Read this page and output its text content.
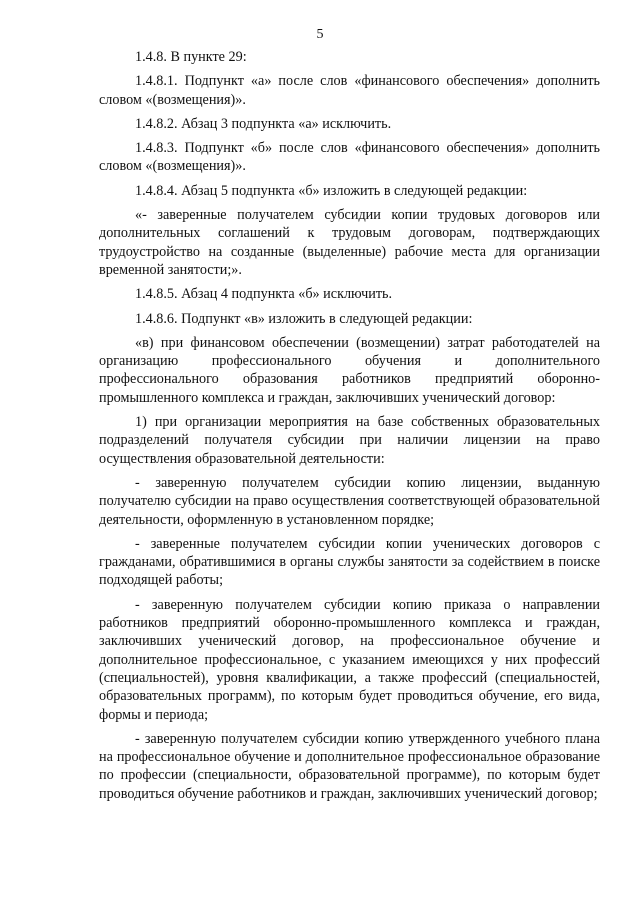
5

1.4.8. В пункте 29:

1.4.8.1. Подпункт «а» после слов «финансового обеспечения» дополнить словом «(возмещения)».

1.4.8.2. Абзац 3 подпункта «а» исключить.

1.4.8.3. Подпункт «б» после слов «финансового обеспечения» дополнить словом «(возмещения)».

1.4.8.4. Абзац 5 подпункта «б» изложить в следующей редакции:

«- заверенные получателем субсидии копии трудовых договоров или дополнительных соглашений к трудовым договорам, подтверждающих трудоустройство на созданные (выделенные) рабочие места для организации временной занятости;».

1.4.8.5. Абзац 4 подпункта «б» исключить.

1.4.8.6. Подпункт «в» изложить в следующей редакции:

«в) при финансовом обеспечении (возмещении) затрат работодателей на организацию профессионального обучения и дополнительного профессионального образования работников предприятий оборонно-промышленного комплекса и граждан, заключивших ученический договор:

1) при организации мероприятия на базе собственных образовательных подразделений получателя субсидии при наличии лицензии на право осуществления образовательной деятельности:

- заверенную получателем субсидии копию лицензии, выданную получателю субсидии на право осуществления соответствующей образовательной деятельности, оформленную в установленном порядке;

- заверенные получателем субсидии копии ученических договоров с гражданами, обратившимися в органы службы занятости за содействием в поиске подходящей работы;

- заверенную получателем субсидии копию приказа о направлении работников предприятий оборонно-промышленного комплекса и граждан, заключивших ученический договор, на профессиональное обучение и дополнительное профессиональное, с указанием имеющихся у них профессий (специальностей), уровня квалификации, а также профессий (специальностей, образовательных программ), по которым будет проводиться обучение, его вида, формы и периода;

- заверенную получателем субсидии копию утвержденного учебного плана на профессиональное обучение и дополнительное профессиональное образование по профессии (специальности, образовательной программе), по которым будет проводиться обучение работников и граждан, заключивших ученический договор;
